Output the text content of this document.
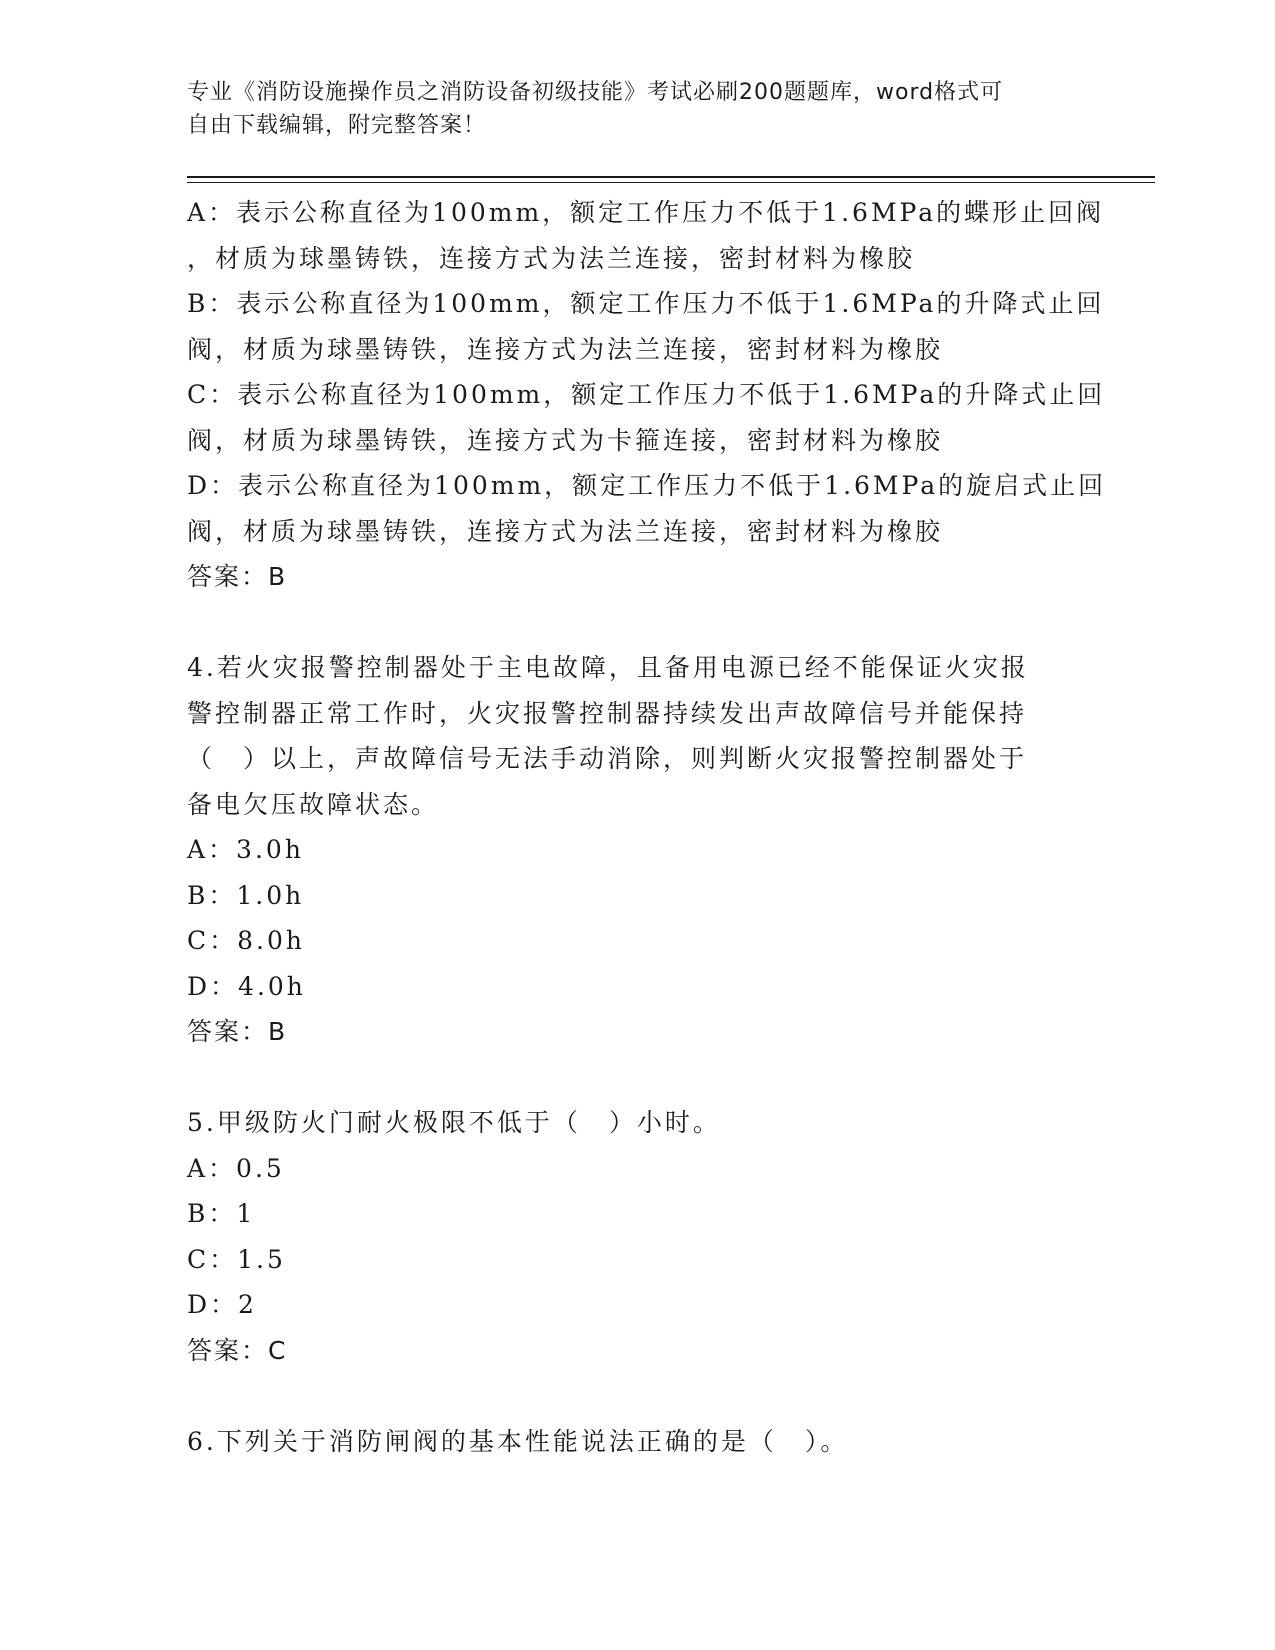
专业《消防设施操作员之消防设备初级技能》考试必刷200题题库，word格式可
自由下载编辑，附完整答案！
A：表示公称直径为100mm，额定工作压力不低于1.6MPa的蝶形止回阀
，材质为球墨铸铁，连接方式为法兰连接，密封材料为橡胶
B：表示公称直径为100mm，额定工作压力不低于1.6MPa的升降式止回
阀，材质为球墨铸铁，连接方式为法兰连接，密封材料为橡胶
C：表示公称直径为100mm，额定工作压力不低于1.6MPa的升降式止回
阀，材质为球墨铸铁，连接方式为卡箍连接，密封材料为橡胶
D：表示公称直径为100mm，额定工作压力不低于1.6MPa的旋启式止回
阀，材质为球墨铸铁，连接方式为法兰连接，密封材料为橡胶
答案：B
4.若火灾报警控制器处于主电故障，且备用电源已经不能保证火灾报
警控制器正常工作时，火灾报警控制器持续发出声故障信号并能保持
（　）以上，声故障信号无法手动消除，则判断火灾报警控制器处于
备电欠压故障状态。
A：3.0h
B：1.0h
C：8.0h
D：4.0h
答案：B
5.甲级防火门耐火极限不低于（　）小时。
A：0.5
B：1
C：1.5
D：2
答案：C
6.下列关于消防闸阀的基本性能说法正确的是（　）。
